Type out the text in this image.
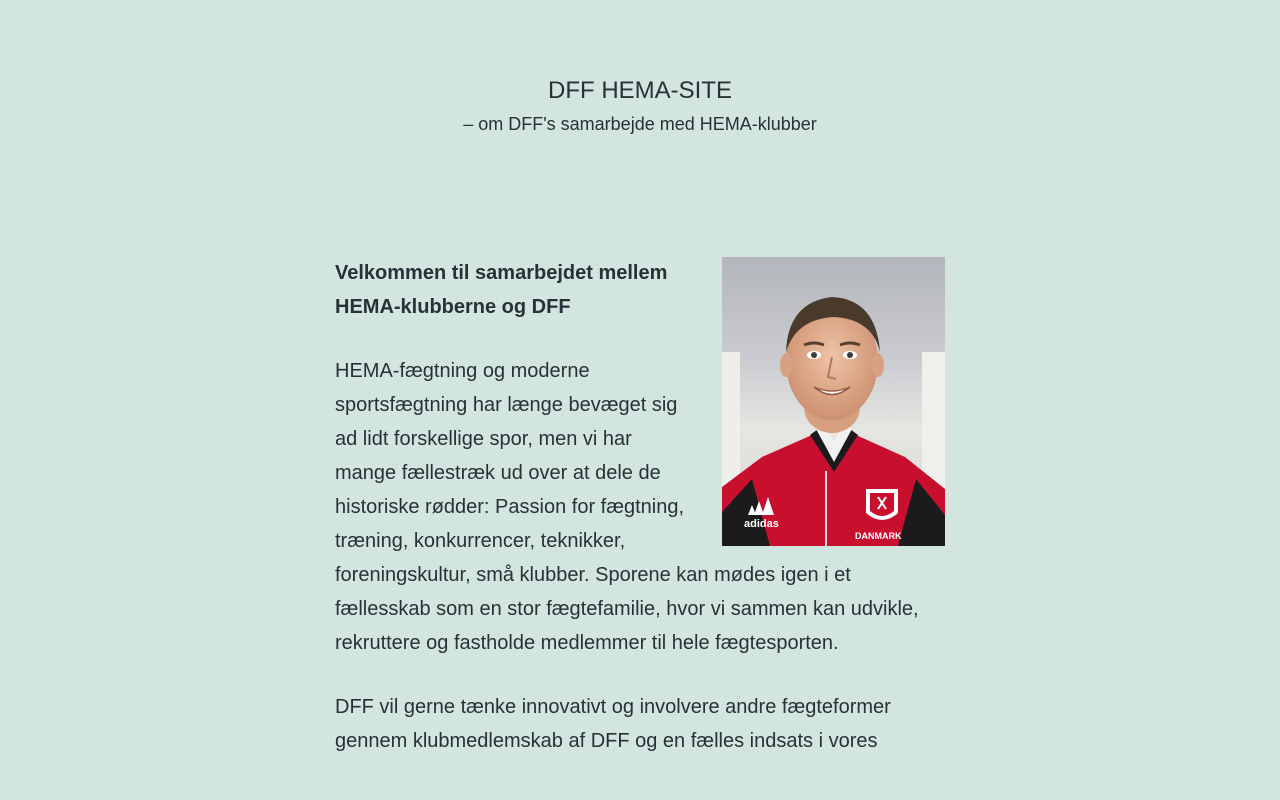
DFF HEMA-SITE

– om DFF's samarbejde med HEMA-klubber

adidas
DANMARK

Velkommen til samarbejdet mellem HEMA-klubberne og DFF

HEMA-fægtning og moderne sportsfægtning har længe bevæget sig ad lidt forskellige spor, men vi har mange fællestræk ud over at dele de historiske rødder: Passion for fægtning, træning, konkurrencer, teknikker, foreningskultur, små klubber. Sporene kan mødes igen i et fællesskab som en stor fægtefamilie, hvor vi sammen kan udvikle, rekruttere og fastholde medlemmer til hele fægtesporten.

DFF vil gerne tænke innovativt og involvere andre fægteformer gennem klubmedlemskab af DFF og en fælles indsats i vores
